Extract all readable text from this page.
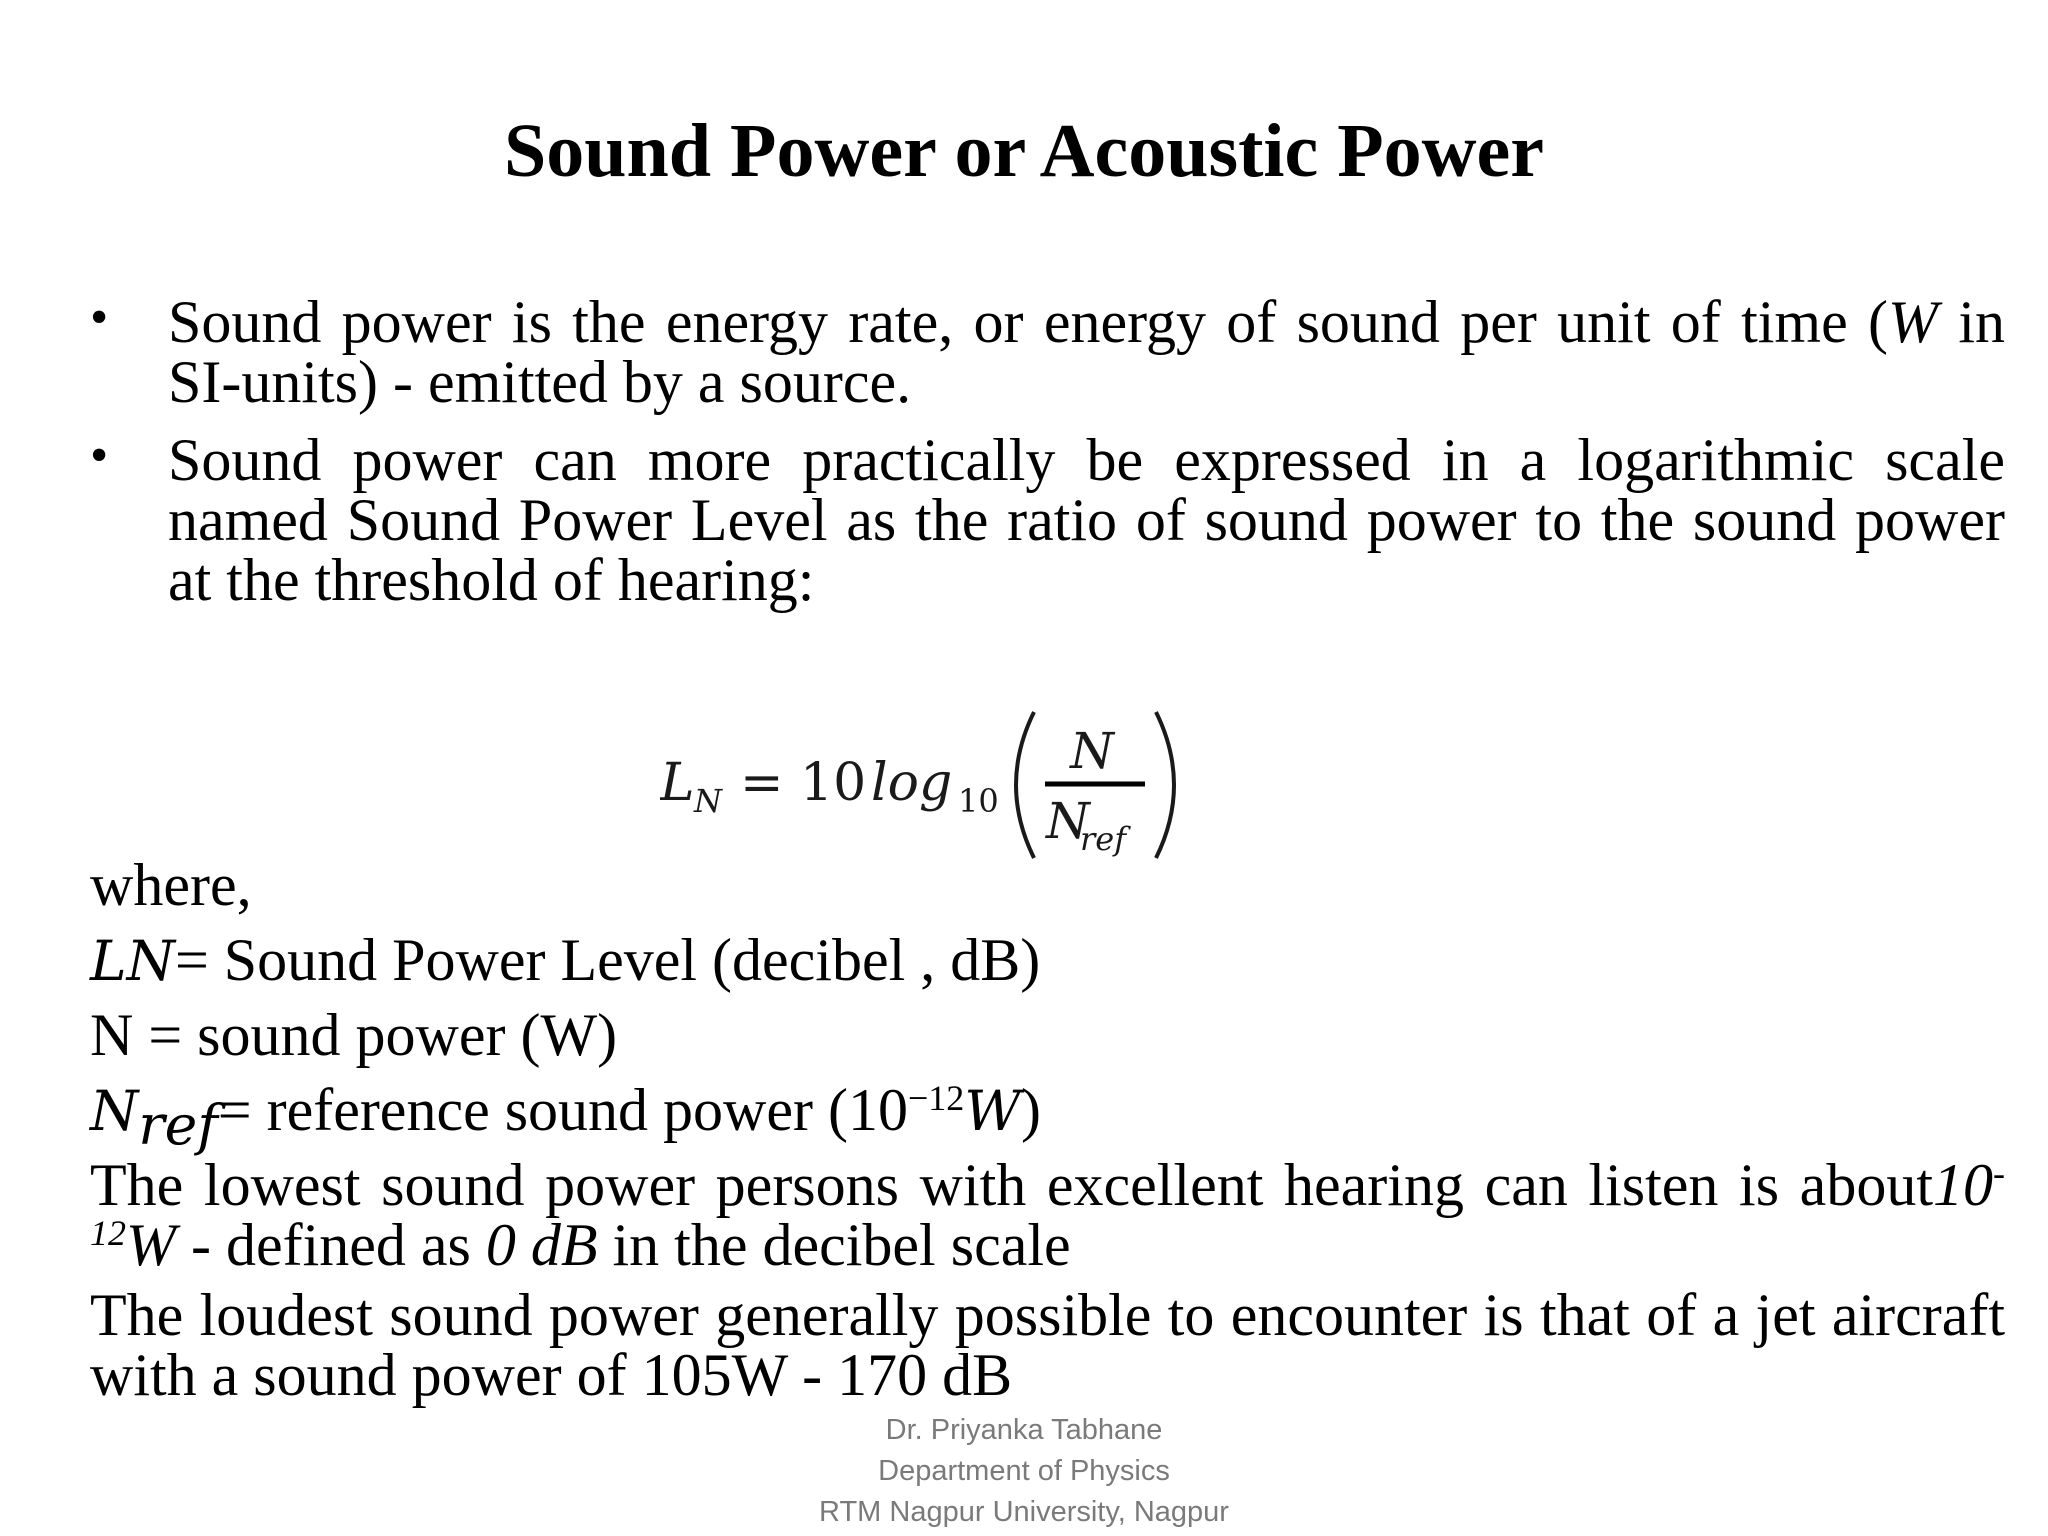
Sound Power or Acoustic Power
• Sound power is the energy rate, or energy of sound per unit of time (W in SI-units) - emitted by a source.
• Sound power can more practically be expressed in a logarithmic scale named Sound Power Level as the ratio of sound power to the sound power at the threshold of hearing:
L N = 10 log 10
N
N
ref
where,
LN= Sound Power Level (decibel , dB)
N = sound power (W)
$N_{ref}=$ reference sound power $(10^{-12}W)$
The lowest sound power persons with excellent hearing can listen is $about10^{-12}W$ - defined as 0 dB in the decibel scale
The loudest sound power generally possible to encounter is that of a jet aircraft with a sound power of 105W - 170 dB
Dr. Priyanka Tabhane
Department of Physics
RTM Nagpur University, Nagpur
